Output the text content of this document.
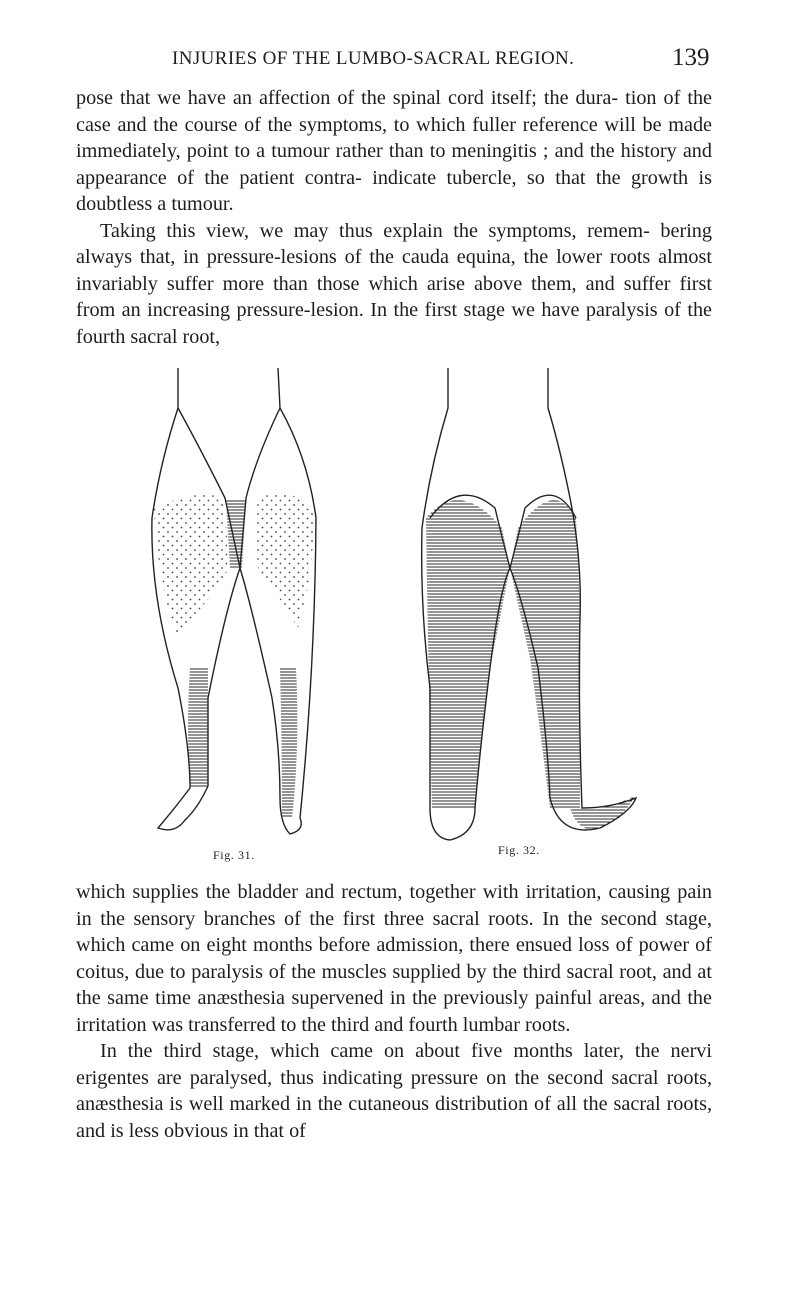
INJURIES OF THE LUMBO-SACRAL REGION.	139

pose that we have an affection of the spinal cord itself; the dura- tion of the case and the course of the symptoms, to which fuller reference will be made immediately, point to a tumour rather than to meningitis ; and the history and appearance of the patient contra- indicate tubercle, so that the growth is doubtless a tumour.

Taking this view, we may thus explain the symptoms, remem- bering always that, in pressure-lesions of the cauda equina, the lower roots almost invariably suffer more than those which arise above them, and suffer first from an increasing pressure-lesion. In the first stage we have paralysis of the fourth sacral root,

Fig. 31.	Fig. 32.

which supplies the bladder and rectum, together with irritation, causing pain in the sensory branches of the first three sacral roots. In the second stage, which came on eight months before admission, there ensued loss of power of coitus, due to paralysis of the muscles supplied by the third sacral root, and at the same time anæsthesia supervened in the previously painful areas, and the irritation was transferred to the third and fourth lumbar roots.

In the third stage, which came on about five months later, the nervi erigentes are paralysed, thus indicating pressure on the second sacral roots, anæsthesia is well marked in the cutaneous distribution of all the sacral roots, and is less obvious in that of
